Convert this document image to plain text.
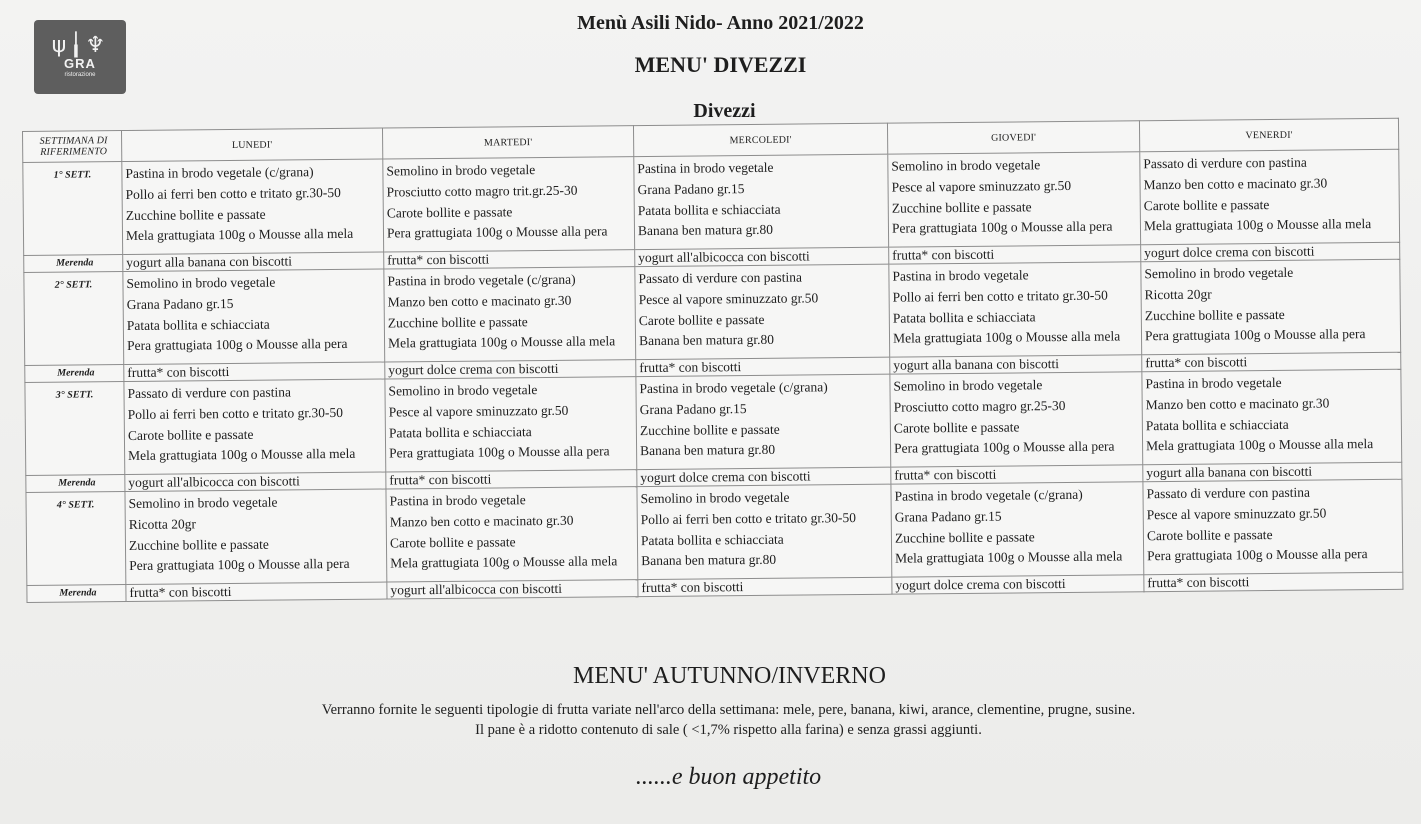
ψ╽♆
GRA
ristorazione
Menù Asili Nido- Anno 2021/2022
MENU' DIVEZZI
Divezzi
SETTIMANA DI RIFERIMENTO	LUNEDI'	MARTEDI'	MERCOLEDI'	GIOVEDI'	VENERDI'
1° SETT.	Pastina in brodo vegetale (c/grana)
Pollo ai ferri ben cotto e tritato gr.30-50
Zucchine bollite e passate
Mela grattugiata 100g o Mousse alla mela	Semolino in brodo vegetale
Prosciutto cotto magro trit.gr.25-30
Carote bollite e passate
Pera grattugiata 100g o Mousse alla pera	Pastina in brodo vegetale
Grana Padano gr.15
Patata bollita e schiacciata
Banana ben matura gr.80	Semolino in brodo vegetale
Pesce al vapore sminuzzato gr.50
Zucchine bollite e passate
Pera grattugiata 100g o Mousse alla pera	Passato di verdure con pastina
Manzo ben cotto e macinato gr.30
Carote bollite e passate
Mela grattugiata 100g o Mousse alla mela

Merenda	yogurt alla banana con biscotti	frutta* con biscotti	yogurt all'albicocca con biscotti	frutta* con biscotti	yogurt dolce crema con biscotti
2° SETT.	Semolino in brodo vegetale
Grana Padano gr.15
Patata bollita e schiacciata
Pera grattugiata 100g o Mousse alla pera	Pastina in brodo vegetale (c/grana)
Manzo ben cotto e macinato gr.30
Zucchine bollite e passate
Mela grattugiata 100g o Mousse alla mela	Passato di verdure con pastina
Pesce al vapore sminuzzato gr.50
Carote bollite e passate
Banana ben matura gr.80	Pastina in brodo vegetale
Pollo ai ferri ben cotto e tritato gr.30-50
Patata bollita e schiacciata
Mela grattugiata 100g o Mousse alla mela	Semolino in brodo vegetale
Ricotta 20gr
Zucchine bollite e passate
Pera grattugiata 100g o Mousse alla pera

Merenda	frutta* con biscotti	yogurt dolce crema con biscotti	frutta* con biscotti	yogurt alla banana con biscotti	frutta* con biscotti
3° SETT.	Passato di verdure con pastina
Pollo ai ferri ben cotto e tritato gr.30-50
Carote bollite e passate
Mela grattugiata 100g o Mousse alla mela	Semolino in brodo vegetale
Pesce al vapore sminuzzato gr.50
Patata bollita e schiacciata
Pera grattugiata 100g o Mousse alla pera	Pastina in brodo vegetale (c/grana)
Grana Padano gr.15
Zucchine bollite e passate
Banana ben matura gr.80	Semolino in brodo vegetale
Prosciutto cotto magro gr.25-30
Carote bollite e passate
Pera grattugiata 100g o Mousse alla pera	Pastina in brodo vegetale
Manzo ben cotto e macinato gr.30
Patata bollita e schiacciata
Mela grattugiata 100g o Mousse alla mela

Merenda	yogurt all'albicocca con biscotti	frutta* con biscotti	yogurt dolce crema con biscotti	frutta* con biscotti	yogurt alla banana con biscotti
4° SETT.	Semolino in brodo vegetale
Ricotta 20gr
Zucchine bollite e passate
Pera grattugiata 100g o Mousse alla pera	Pastina in brodo vegetale
Manzo ben cotto e macinato gr.30
Carote bollite e passate
Mela grattugiata 100g o Mousse alla mela	Semolino in brodo vegetale
Pollo ai ferri ben cotto e tritato gr.30-50
Patata bollita e schiacciata
Banana ben matura gr.80	Pastina in brodo vegetale (c/grana)
Grana Padano gr.15
Zucchine bollite e passate
Mela grattugiata 100g o Mousse alla mela	Passato di verdure con pastina
Pesce al vapore sminuzzato gr.50
Carote bollite e passate
Pera grattugiata 100g o Mousse alla pera

Merenda	frutta* con biscotti	yogurt all'albicocca con biscotti	frutta* con biscotti	yogurt dolce crema con biscotti	frutta* con biscotti
MENU' AUTUNNO/INVERNO
Verranno fornite le seguenti tipologie di frutta variate nell'arco della settimana: mele, pere, banana, kiwi, arance, clementine, prugne, susine.
Il pane è a ridotto contenuto di sale ( <1,7% rispetto alla farina) e senza grassi aggiunti.
......e buon appetito
